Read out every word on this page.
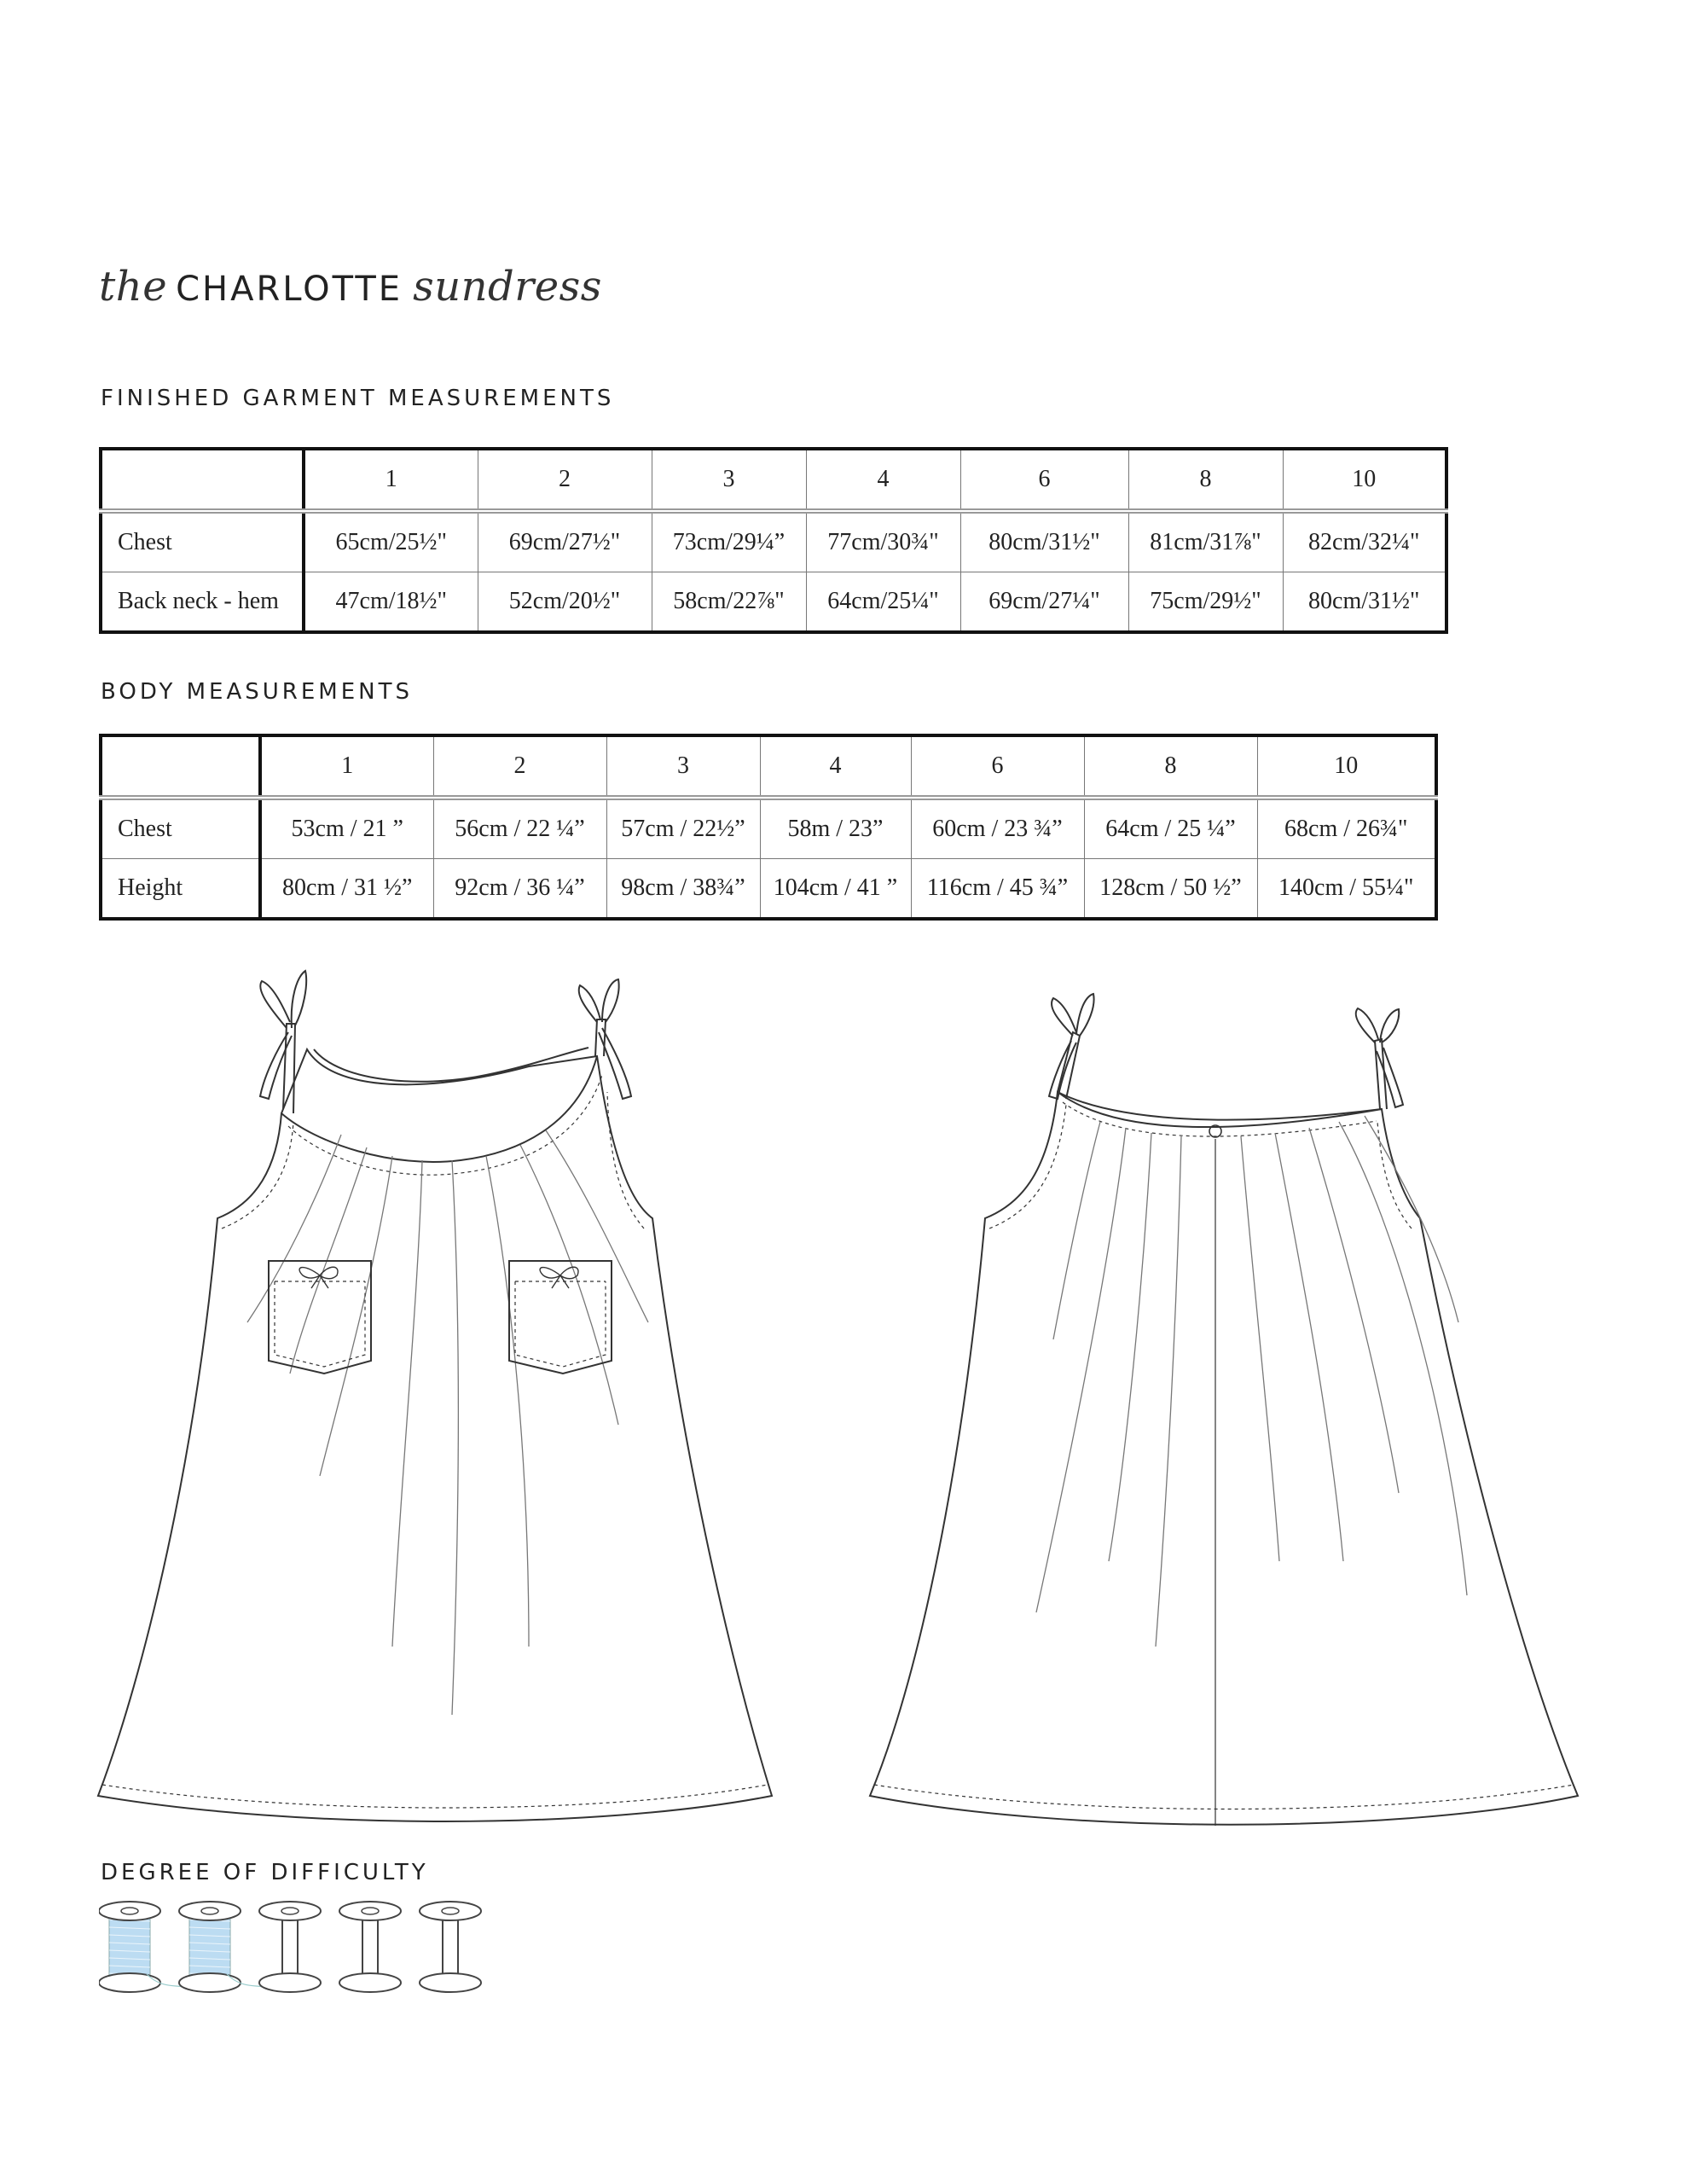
the CHARLOTTE sundress
FINISHED GARMENT MEASUREMENTS
	1	2	3	4	6	8	10
Chest	65cm/25½"	69cm/27½"	73cm/29¼”	77cm/30¾"	80cm/31½"	81cm/31⅞"	82cm/32¼"
Back neck - hem	47cm/18½"	52cm/20½"	58cm/22⅞"	64cm/25¼"	69cm/27¼"	75cm/29½"	80cm/31½"
BODY MEASUREMENTS
	1	2	3	4	6	8	10
Chest	53cm / 21 ”	56cm / 22 ¼”	57cm / 22½”	58m / 23”	60cm / 23 ¾”	64cm / 25 ¼”	68cm / 26¾"
Height	80cm / 31 ½”	92cm / 36 ¼”	98cm / 38¾”	104cm / 41 ”	116cm / 45 ¾”	128cm / 50 ½”	140cm / 55¼"
DEGREE OF DIFFICULTY
